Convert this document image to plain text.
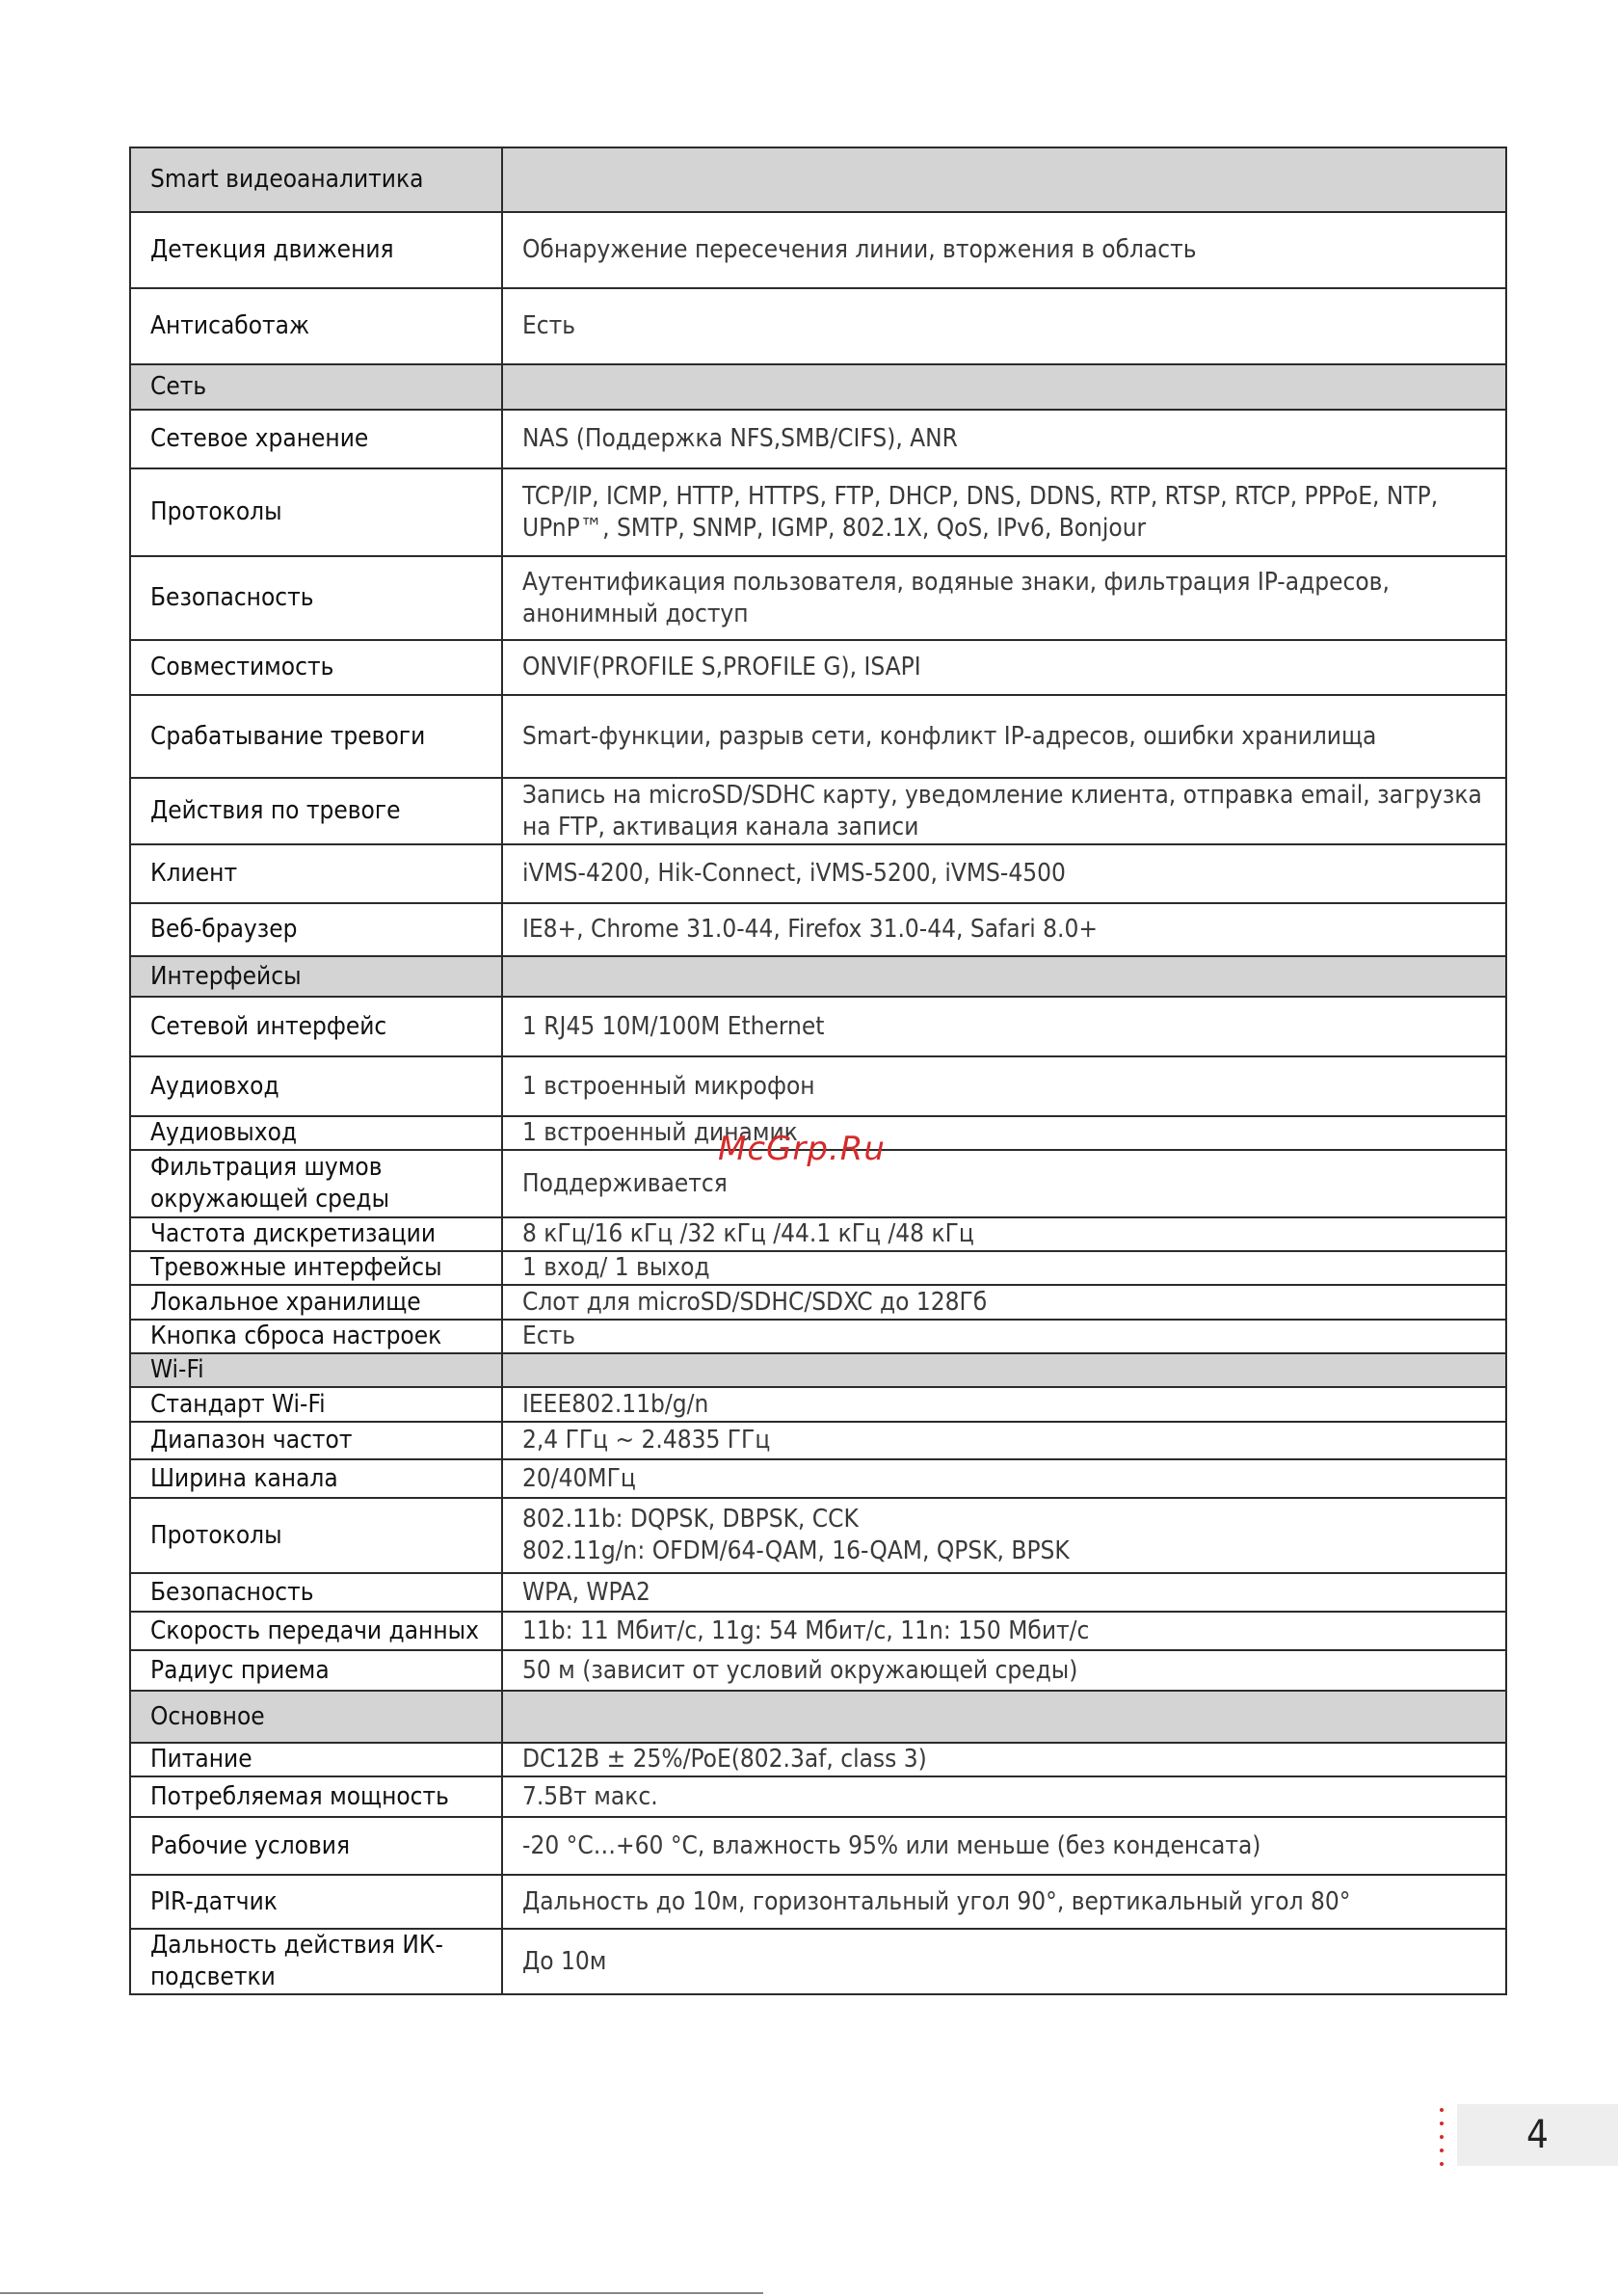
Smart видеоаналитика	
Детекция движения	Обнаружение пересечения линии, вторжения в область
Антисаботаж	Есть
Сеть	
Сетевое хранение	NAS (Поддержка NFS,SMB/CIFS), ANR
Протоколы	TCP/IP, ICMP, HTTP, HTTPS, FTP, DHCP, DNS, DDNS, RTP, RTSP, RTCP, PPPoE, NTP, UPnP™, SMTP, SNMP, IGMP, 802.1X, QoS, IPv6, Bonjour
Безопасность	Аутентификация пользователя, водяные знаки, фильтрация IP-адресов, анонимный доступ
Совместимость	ONVIF(PROFILE S,PROFILE G), ISAPI
Срабатывание тревоги	Smart-функции, разрыв сети, конфликт IP-адресов, ошибки хранилища
Действия по тревоге	Запись на microSD/SDHC карту, уведомление клиента, отправка email, загрузка на FTP, активация канала записи
Клиент	iVMS-4200, Hik-Connect, iVMS-5200, iVMS-4500
Веб-браузер	IE8+, Chrome 31.0-44, Firefox 31.0-44, Safari 8.0+
Интерфейсы	
Сетевой интерфейс	1 RJ45 10M/100M Ethernet
Аудиовход	1 встроенный микрофон
Аудиовыход	1 встроенный динамик
Фильтрация шумов окружающей среды	Поддерживается
Частота дискретизации	8 кГц/16 кГц /32 кГц /44.1 кГц /48 кГц
Тревожные интерфейсы	1 вход/ 1 выход
Локальное хранилище	Слот для microSD/SDHC/SDXC до 128Гб
Кнопка сброса настроек	Есть
Wi-Fi	
Стандарт Wi-Fi	IEEE802.11b/g/n
Диапазон частот	2,4 ГГц ~ 2.4835 ГГц
Ширина канала	20/40МГц
Протоколы	802.11b: DQPSK, DBPSK, CCK
802.11g/n: OFDM/64-QAM, 16-QAM, QPSK, BPSK
Безопасность	WPA, WPA2
Скорость передачи данных	11b: 11 Мбит/с, 11g: 54 Мбит/с, 11n: 150 Мбит/с
Радиус приема	50 м (зависит от условий окружающей среды)
Основное	
Питание	DC12В ± 25%/PoE(802.3af, class 3)
Потребляемая мощность	7.5Вт макс.
Рабочие условия	-20 °C…+60 °C, влажность 95% или меньше (без конденсата)
PIR-датчик	Дальность до 10м, горизонтальный угол 90°, вертикальный угол 80°
Дальность действия ИК-подсветки	До 10м
McGrp.Ru
4
